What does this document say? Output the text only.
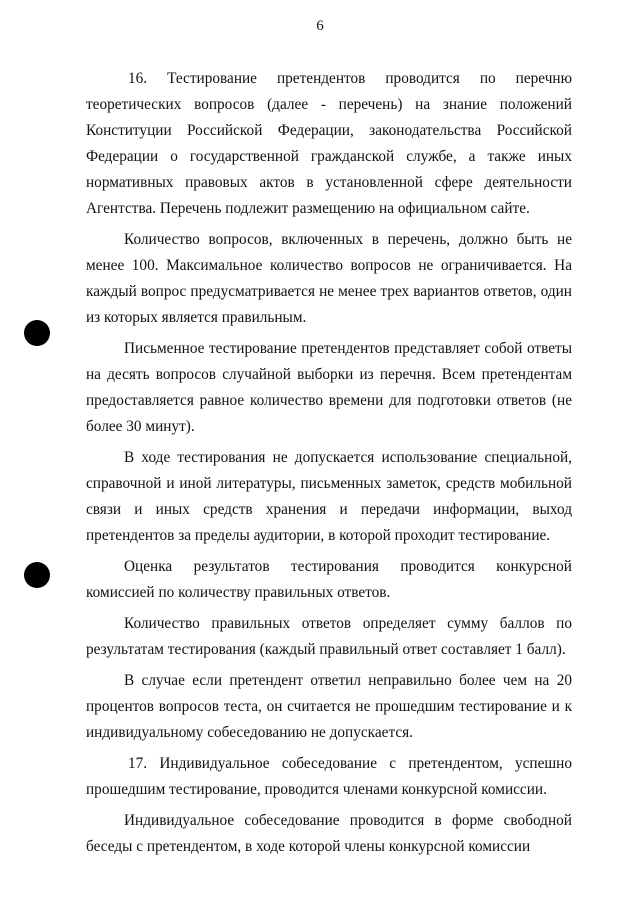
6

16. Тестирование претендентов проводится по перечню теоретических вопросов (далее - перечень) на знание положений Конституции Российской Федерации, законодательства Российской Федерации о государственной гражданской службе, а также иных нормативных правовых актов в установленной сфере деятельности Агентства. Перечень подлежит размещению на официальном сайте.

Количество вопросов, включенных в перечень, должно быть не менее 100. Максимальное количество вопросов не ограничивается. На каждый вопрос предусматривается не менее трех вариантов ответов, один из которых является правильным.

Письменное тестирование претендентов представляет собой ответы на десять вопросов случайной выборки из перечня. Всем претендентам предоставляется равное количество времени для подготовки ответов (не более 30 минут).

В ходе тестирования не допускается использование специальной, справочной и иной литературы, письменных заметок, средств мобильной связи и иных средств хранения и передачи информации, выход претендентов за пределы аудитории, в которой проходит тестирование.

Оценка результатов тестирования проводится конкурсной комиссией по количеству правильных ответов.

Количество правильных ответов определяет сумму баллов по результатам тестирования (каждый правильный ответ составляет 1 балл).

В случае если претендент ответил неправильно более чем на 20 процентов вопросов теста, он считается не прошедшим тестирование и к индивидуальному собеседованию не допускается.

17. Индивидуальное собеседование с претендентом, успешно прошедшим тестирование, проводится членами конкурсной комиссии.

Индивидуальное собеседование проводится в форме свободной беседы с претендентом, в ходе которой члены конкурсной комиссии
